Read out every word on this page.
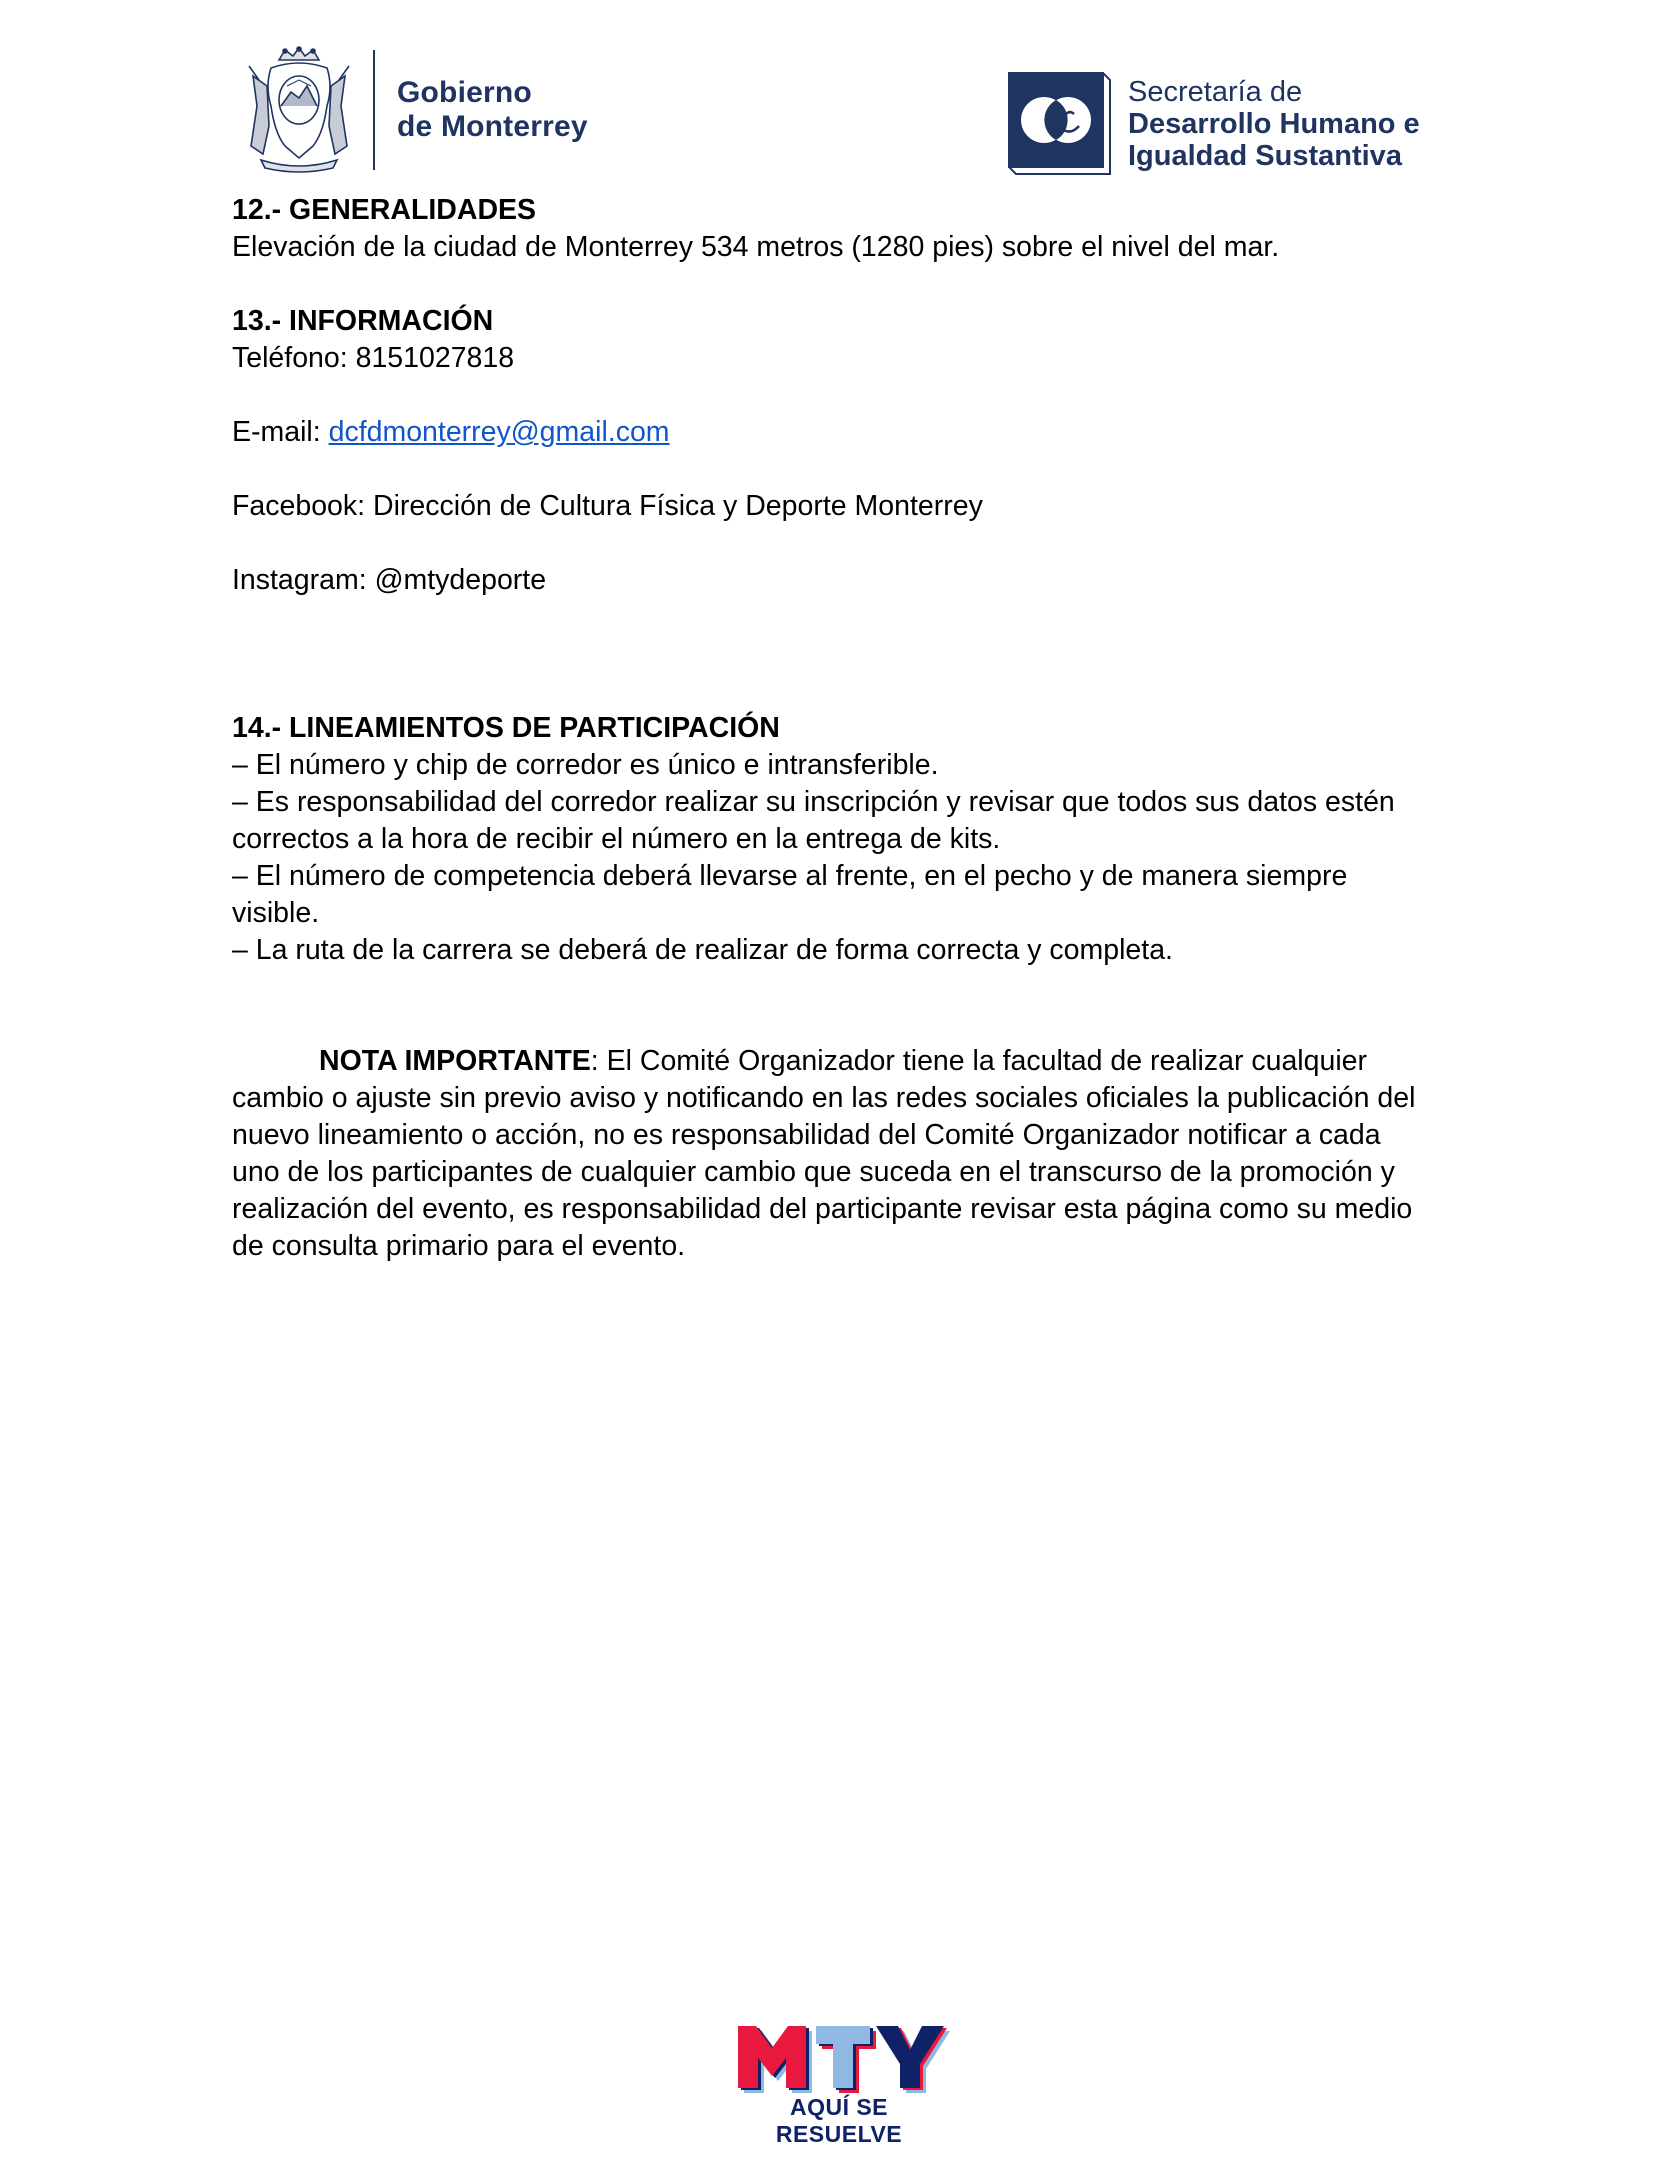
Gobierno
de Monterrey
Secretaría de
Desarrollo Humano e
Igualdad Sustantiva

12.- GENERALIDADES

Elevación de la ciudad de Monterrey 534 metros (1280 pies) sobre el nivel del mar.

13.- INFORMACIÓN

Teléfono: 8151027818

E-mail: dcfdmonterrey@gmail.com

Facebook: Dirección de Cultura Física y Deporte Monterrey

Instagram: @mtydeporte

14.- LINEAMIENTOS DE PARTICIPACIÓN

– El número y chip de corredor es único e intransferible.

– Es responsabilidad del corredor realizar su inscripción y revisar que todos sus datos estén correctos a la hora de recibir el número en la entrega de kits.

– El número de competencia deberá llevarse al frente, en el pecho y de manera siempre visible.

– La ruta de la carrera se deberá de realizar de forma correcta y completa.

NOTA IMPORTANTE: El Comité Organizador tiene la facultad de realizar cualquier cambio o ajuste sin previo aviso y notificando en las redes sociales oficiales la publicación del nuevo lineamiento o acción, no es responsabilidad del Comité Organizador notificar a cada uno de los participantes de cualquier cambio que suceda en el transcurso de la promoción y realización del evento, es responsabilidad del participante revisar esta página como su medio de consulta primario para el evento.

AQUÍ SE RESUELVE
